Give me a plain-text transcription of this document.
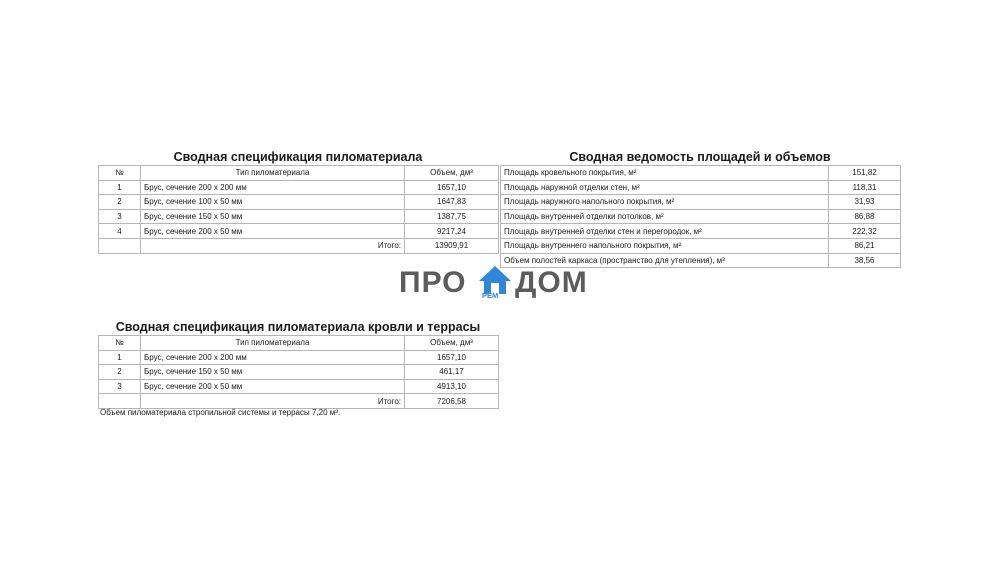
Сводная спецификация пиломатериала
№	Тип пиломатериала	Объем, дм³
1	Брус, сечение 200 х 200 мм	1657,10
2	Брус, сечение 100 х 50 мм	1647,83
3	Брус, сечение 150 х 50 мм	1387,75
4	Брус, сечение 200 х 50 мм	9217,24
	Итого:	13909,91
Сводная ведомость площадей и объемов
Площадь кровельного покрытия, м²	151,82
Площадь наружной отделки стен, м²	118,31
Площадь наружного напольного покрытия, м²	31,93
Площадь внутренней отделки потолков, м²	86,88
Площадь внутренней отделки стен и перегородок, м²	222,32
Площадь внутреннего напольного покрытия, м²	86,21
Объем полостей каркаса (пространство для утепления), м³	38,56
ПРО РЕМ ДОМ
Сводная спецификация пиломатериала кровли и террасы
№	Тип пиломатериала	Объем, дм³
1	Брус, сечение 200 х 200 мм	1657,10
2	Брус, сечение 150 х 50 мм	461,17
3	Брус, сечение 200 х 50 мм	4913,10
	Итого:	7206,58
Объем пиломатериала стропильной системы и террасы 7,20 м³.
